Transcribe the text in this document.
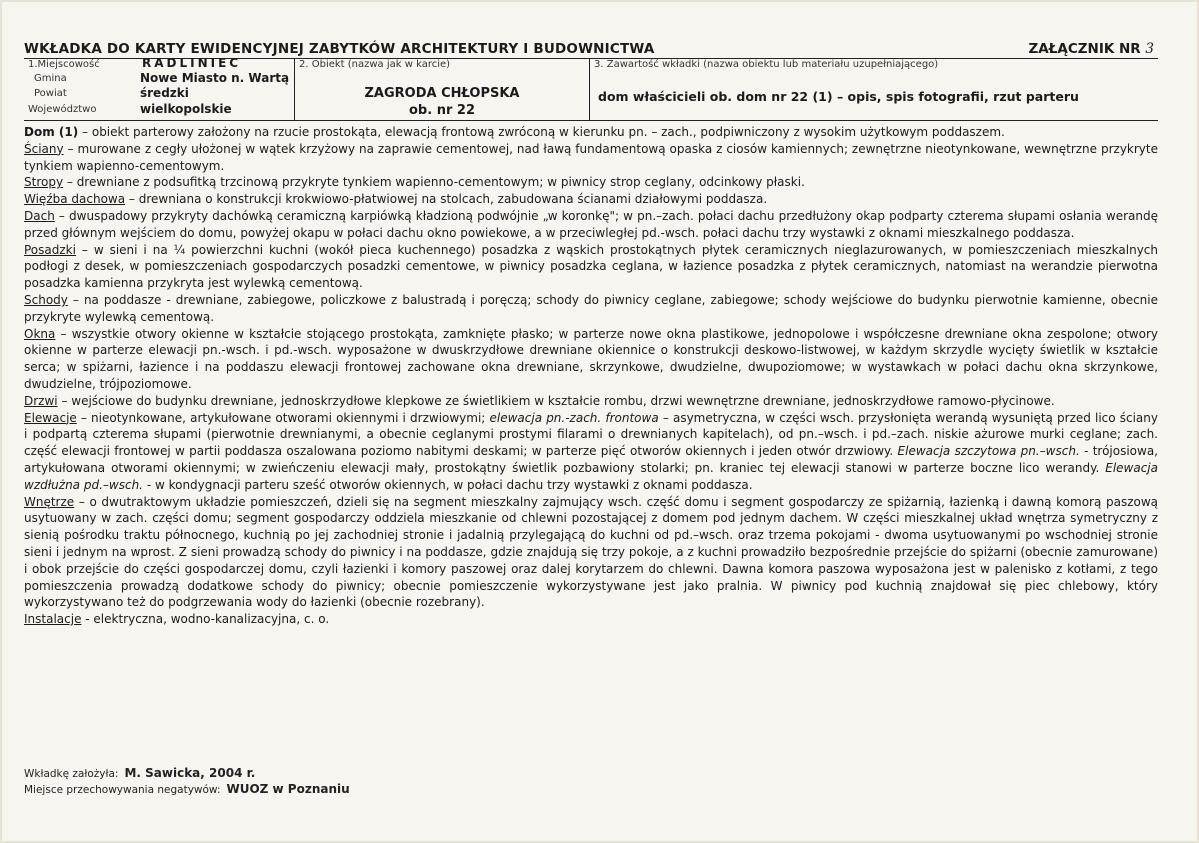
WKŁADKA DO KARTY EWIDENCYJNEJ ZABYTKÓW ARCHITEKTURY I BUDOWNICTWA	ZAŁĄCZNIK NR 3
1.Miejscowość	RADLINIEC
Gmina	Nowe Miasto n. Wartą
Powiat	średzki
Województwo	wielkopolskie
2. Obiekt (nazwa jak w karcie)
ZAGRODA CHŁOPSKA
ob. nr 22
3. Zawartość wkładki (nazwa obiektu lub materiału uzupełniającego)
dom właścicieli ob. dom nr 22 (1) – opis, spis fotografii, rzut parteru

Dom (1) – obiekt parterowy założony na rzucie prostokąta, elewacją frontową zwróconą w kierunku pn. – zach., podpiwniczony z wysokim użytkowym poddaszem.

Ściany – murowane z cegły ułożonej w wątek krzyżowy na zaprawie cementowej, nad ławą fundamentową opaska z ciosów kamiennych; zewnętrzne nieotynkowane, wewnętrzne przykryte tynkiem wapienno-cementowym.

Stropy – drewniane z podsufitką trzcinową przykryte tynkiem wapienno-cementowym; w piwnicy strop ceglany, odcinkowy płaski.

Więźba dachowa – drewniana o konstrukcji krokwiowo-płatwiowej na stolcach, zabudowana ścianami działowymi poddasza.

Dach – dwuspadowy przykryty dachówką ceramiczną karpiówką kładzioną podwójnie „w koronkę"; w pn.–zach. połaci dachu przedłużony okap podparty czterema słupami osłania werandę przed głównym wejściem do domu, powyżej okapu w połaci dachu okno powiekowe, a w przeciwległej pd.-wsch. połaci dachu trzy wystawki z oknami mieszkalnego poddasza.

Posadzki – w sieni i na ¼ powierzchni kuchni (wokół pieca kuchennego) posadzka z wąskich prostokątnych płytek ceramicznych nieglazurowanych, w pomieszczeniach mieszkalnych podłogi z desek, w pomieszczeniach gospodarczych posadzki cementowe, w piwnicy posadzka ceglana, w łazience posadzka z płytek ceramicznych, natomiast na werandzie pierwotna posadzka kamienna przykryta jest wylewką cementową.

Schody – na poddasze - drewniane, zabiegowe, policzkowe z balustradą i poręczą; schody do piwnicy ceglane, zabiegowe; schody wejściowe do budynku pierwotnie kamienne, obecnie przykryte wylewką cementową.

Okna – wszystkie otwory okienne w kształcie stojącego prostokąta, zamknięte płasko; w parterze nowe okna plastikowe, jednopolowe i współczesne drewniane okna zespolone; otwory okienne w parterze elewacji pn.-wsch. i pd.-wsch. wyposażone w dwuskrzydłowe drewniane okiennice o konstrukcji deskowo-listwowej, w każdym skrzydle wycięty świetlik w kształcie serca; w spiżarni, łazience i na poddaszu elewacji frontowej zachowane okna drewniane, skrzynkowe, dwudzielne, dwupoziomowe; w wystawkach w połaci dachu okna skrzynkowe, dwudzielne, trójpoziomowe.

Drzwi – wejściowe do budynku drewniane, jednoskrzydłowe klepkowe ze świetlikiem w kształcie rombu, drzwi wewnętrzne drewniane, jednoskrzydłowe ramowo-płycinowe.

Elewacje – nieotynkowane, artykułowane otworami okiennymi i drzwiowymi; elewacja pn.-zach. frontowa – asymetryczna, w części wsch. przysłonięta werandą wysuniętą przed lico ściany i podpartą czterema słupami (pierwotnie drewnianymi, a obecnie ceglanymi prostymi filarami o drewnianych kapitelach), od pn.–wsch. i pd.–zach. niskie ażurowe murki ceglane; zach. część elewacji frontowej w partii poddasza oszalowana poziomo nabitymi deskami; w parterze pięć otworów okiennych i jeden otwór drzwiowy. Elewacja szczytowa pn.–wsch. - trójosiowa, artykułowana otworami okiennymi; w zwieńczeniu elewacji mały, prostokątny świetlik pozbawiony stolarki; pn. kraniec tej elewacji stanowi w parterze boczne lico werandy. Elewacja wzdłużna pd.–wsch. - w kondygnacji parteru sześć otworów okiennych, w połaci dachu trzy wystawki z oknami poddasza.

Wnętrze – o dwutraktowym układzie pomieszczeń, dzieli się na segment mieszkalny zajmujący wsch. część domu i segment gospodarczy ze spiżarnią, łazienką i dawną komorą paszową usytuowany w zach. części domu; segment gospodarczy oddziela mieszkanie od chlewni pozostającej z domem pod jednym dachem. W części mieszkalnej układ wnętrza symetryczny z sienią pośrodku traktu północnego, kuchnią po jej zachodniej stronie i jadalnią przylegającą do kuchni od pd.–wsch. oraz trzema pokojami - dwoma usytuowanymi po wschodniej stronie sieni i jednym na wprost. Z sieni prowadzą schody do piwnicy i na poddasze, gdzie znajdują się trzy pokoje, a z kuchni prowadziło bezpośrednie przejście do spiżarni (obecnie zamurowane) i obok przejście do części gospodarczej domu, czyli łazienki i komory paszowej oraz dalej korytarzem do chlewni. Dawna komora paszowa wyposażona jest w palenisko z kotłami, z tego pomieszczenia prowadzą dodatkowe schody do piwnicy; obecnie pomieszczenie wykorzystywane jest jako pralnia. W piwnicy pod kuchnią znajdował się piec chlebowy, który wykorzystywano też do podgrzewania wody do łazienki (obecnie rozebrany).

Instalacje - elektryczna, wodno-kanalizacyjna, c. o.

Wkładkę założyła: M. Sawicka, 2004 r.
Miejsce przechowywania negatywów: WUOZ w Poznaniu
